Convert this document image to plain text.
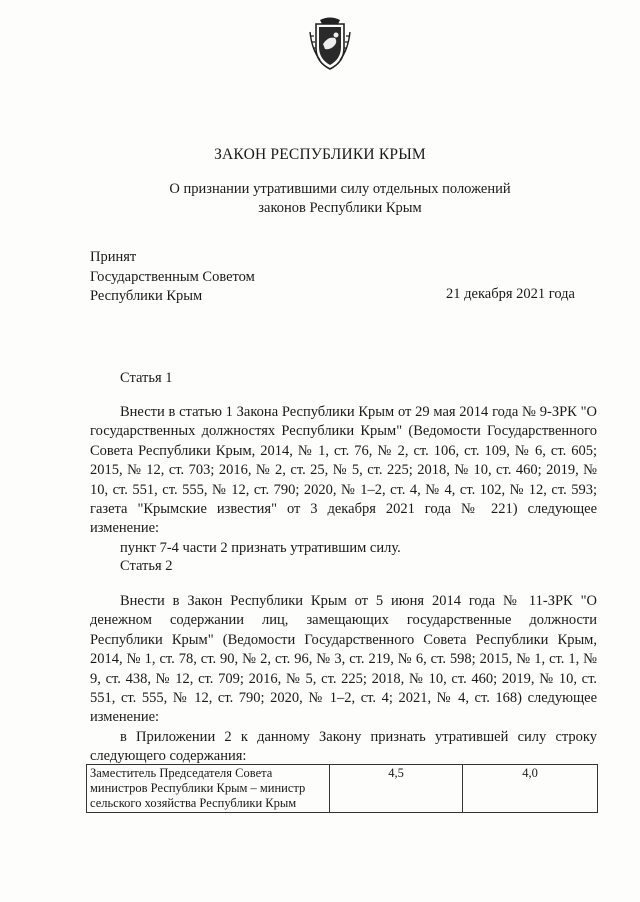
ЗАКОН РЕСПУБЛИКИ КРЫМ
О признании утратившими силу отдельных положений
законов Республики Крым
Принят
Государственным Советом
Республики Крым	21 декабря 2021 года
Статья 1

Внести в статью 1 Закона Республики Крым от 29 мая 2014 года № 9-ЗРК "О государственных должностях Республики Крым" (Ведомости Государственного Совета Республики Крым, 2014, № 1, ст. 76, № 2, ст. 106, ст. 109, № 6, ст. 605; 2015, № 12, ст. 703; 2016, № 2, ст. 25, № 5, ст. 225; 2018, № 10, ст. 460; 2019, № 10, ст. 551, ст. 555, № 12, ст. 790; 2020, № 1–2, ст. 4, № 4, ст. 102, № 12, ст. 593; газета "Крымские известия" от 3 декабря 2021 года № 221) следующее изменение:

пункт 7-4 части 2 признать утратившим силу.

Статья 2

Внести в Закон Республики Крым от 5 июня 2014 года № 11-ЗРК "О денежном содержании лиц, замещающих государственные должности Республики Крым" (Ведомости Государственного Совета Республики Крым, 2014, № 1, ст. 78, ст. 90, № 2, ст. 96, № 3, ст. 219, № 6, ст. 598; 2015, № 1, ст. 1, № 9, ст. 438, № 12, ст. 709; 2016, № 5, ст. 225; 2018, № 10, ст. 460; 2019, № 10, ст. 551, ст. 555, № 12, ст. 790; 2020, № 1–2, ст. 4; 2021, № 4, ст. 168) следующее изменение:

в Приложении 2 к данному Закону признать утратившей силу строку следующего содержания:

Заместитель Председателя Совета
министров Республики Крым – министр
сельского хозяйства Республики Крым
	4,5	4,0
